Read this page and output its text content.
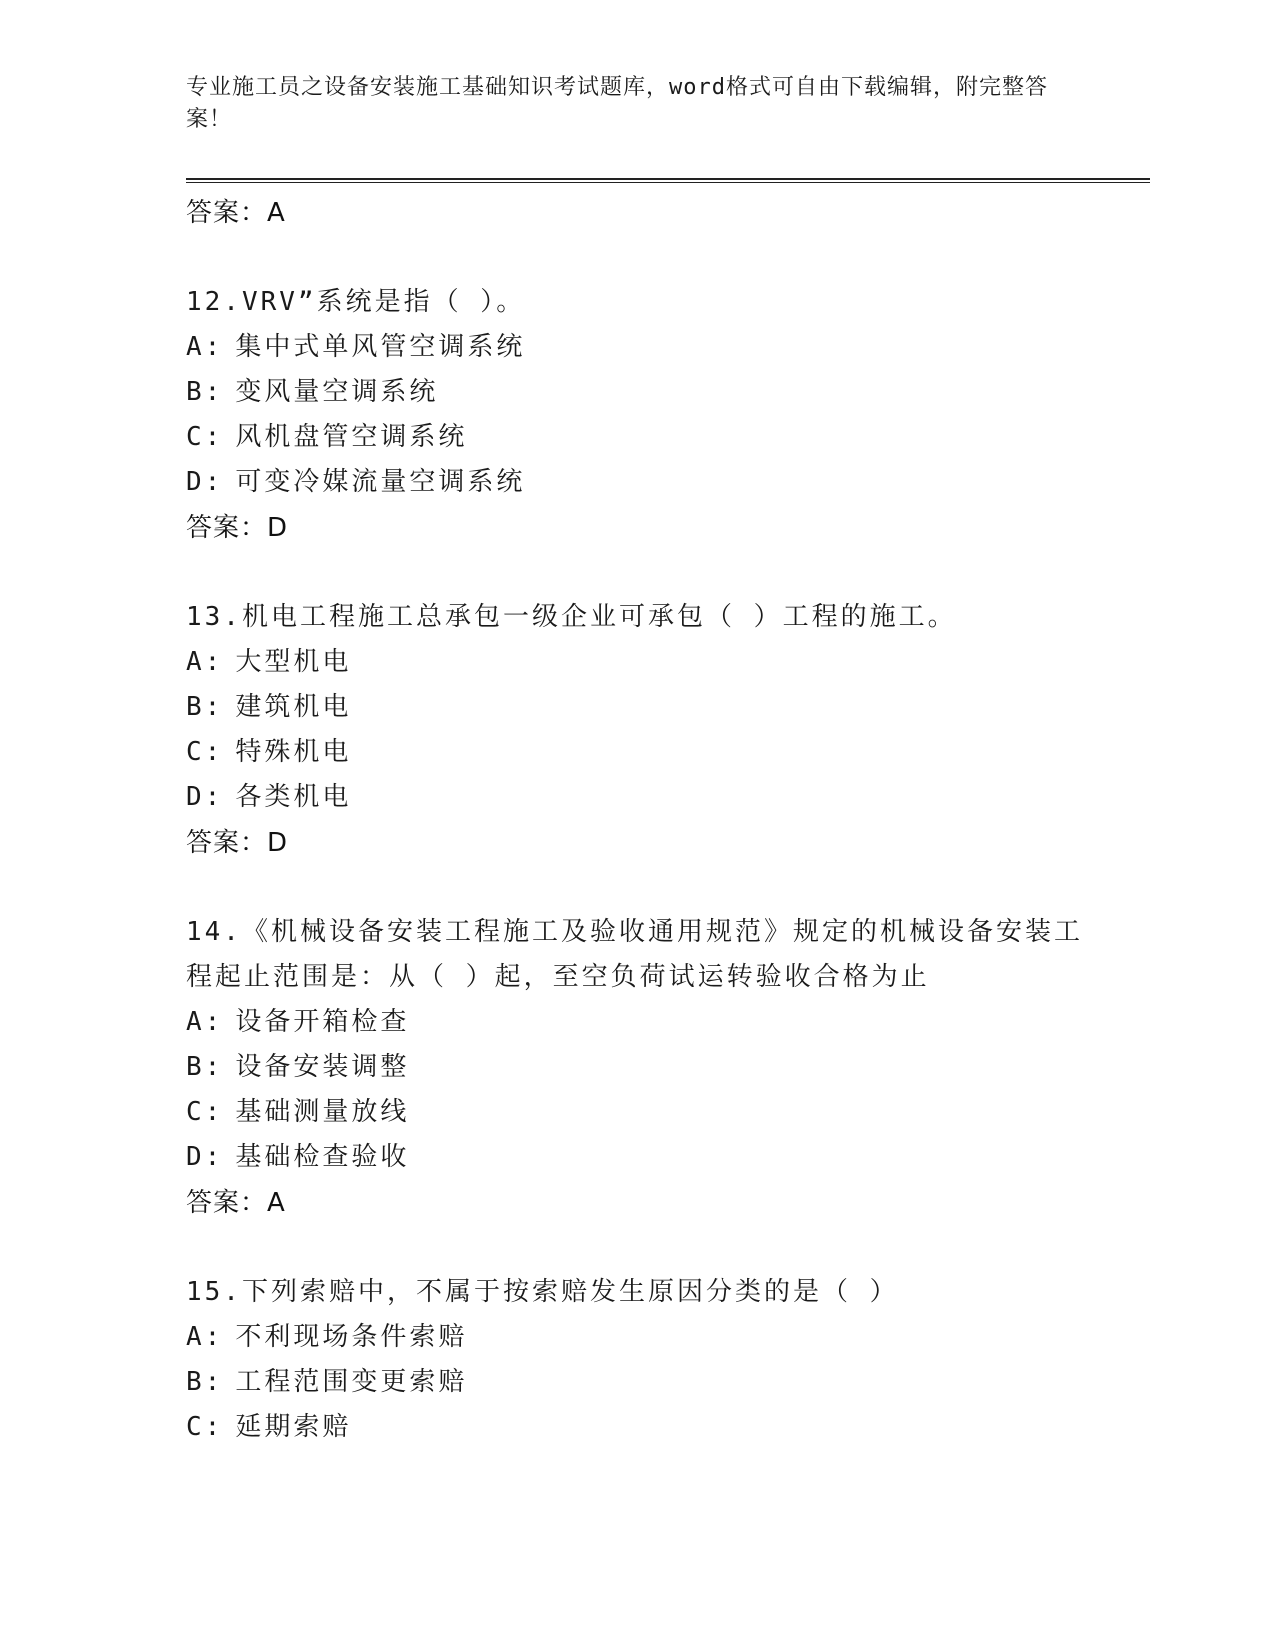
专业施工员之设备安装施工基础知识考试题库，word格式可自由下载编辑，附完整答案！
答案：A
12.VRV”系统是指（ ）。
A: 集中式单风管空调系统
B: 变风量空调系统
C: 风机盘管空调系统
D: 可变冷媒流量空调系统
答案：D
13.机电工程施工总承包一级企业可承包（ ）工程的施工。
A: 大型机电
B: 建筑机电
C: 特殊机电
D: 各类机电
答案：D
14.《机械设备安装工程施工及验收通用规范》规定的机械设备安装工程起止范围是：从（ ）起，至空负荷试运转验收合格为止
A: 设备开箱检查
B: 设备安装调整
C: 基础测量放线
D: 基础检查验收
答案：A
15.下列索赔中，不属于按索赔发生原因分类的是（ ）
A: 不利现场条件索赔
B: 工程范围变更索赔
C: 延期索赔
